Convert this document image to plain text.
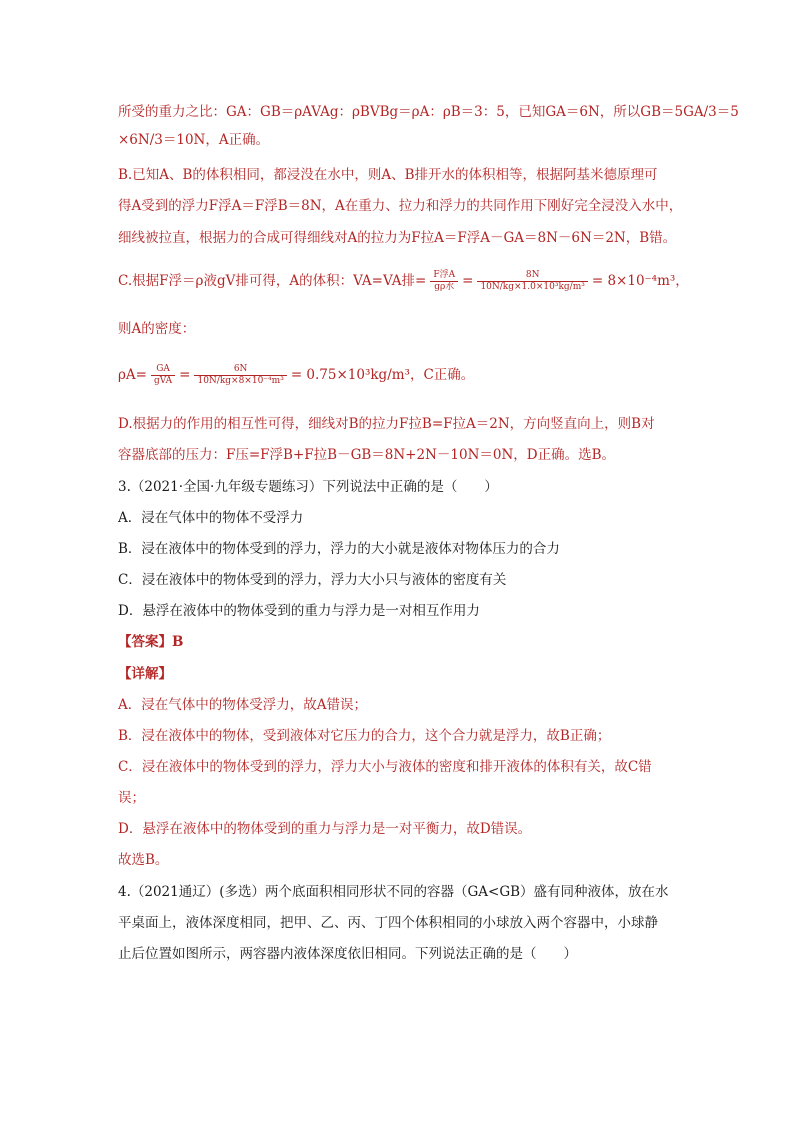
所受的重力之比：GA：GB＝ρAVAg：ρBVBg＝ρA：ρB＝3：5，已知GA＝6N，所以GB＝5GA/3＝5
×6N/3＝10N，A正确。
B.已知A、B的体积相同，都浸没在水中，则A、B排开水的体积相等，根据阿基米德原理可
得A受到的浮力F浮A＝F浮B＝8N，A在重力、拉力和浮力的共同作用下刚好完全浸没入水中，
细线被拉直，根据力的合成可得细线对A的拉力为F拉A＝F浮A－GA＝8N－6N＝2N，B错。
C.根据F浮＝ρ液gV排可得，A的体积：VA=VA排= $\frac{\text{F浮A}}{\text{gρ水}} = \frac{8N}{\text{10N/kg×1.0×10³kg/m³}} = 8\times 10^{-4}m^3$，
则A的密度：
$\rho A= \frac{GA}{\text{gVA}} = \frac{6N}{\text{10N/kg×8×10⁻⁴m³}} = 0.75\times 10^3kg/m^3$，C正确。
D.根据力的作用的相互性可得，细线对B的拉力F拉B=F拉A＝2N，方向竖直向上，则B对
容器底部的压力：F压=F浮B+F拉B－GB＝8N+2N－10N＝0N，D正确。选B。
3.（2021·全国·九年级专题练习）下列说法中正确的是（　　）
A．浸在气体中的物体不受浮力
B．浸在液体中的物体受到的浮力，浮力的大小就是液体对物体压力的合力
C．浸在液体中的物体受到的浮力，浮力大小只与液体的密度有关
D．悬浮在液体中的物体受到的重力与浮力是一对相互作用力
【答案】B
【详解】
A．浸在气体中的物体受浮力，故A错误；
B．浸在液体中的物体，受到液体对它压力的合力，这个合力就是浮力，故B正确；
C．浸在液体中的物体受到的浮力，浮力大小与液体的密度和排开液体的体积有关，故C错
误；
D．悬浮在液体中的物体受到的重力与浮力是一对平衡力，故D错误。
故选B。
4.（2021通辽）(多选）两个底面积相同形状不同的容器（GA<GB）盛有同种液体，放在水
平桌面上，液体深度相同，把甲、乙、丙、丁四个体积相同的小球放入两个容器中，小球静
止后位置如图所示，两容器内液体深度依旧相同。下列说法正确的是（　　）
